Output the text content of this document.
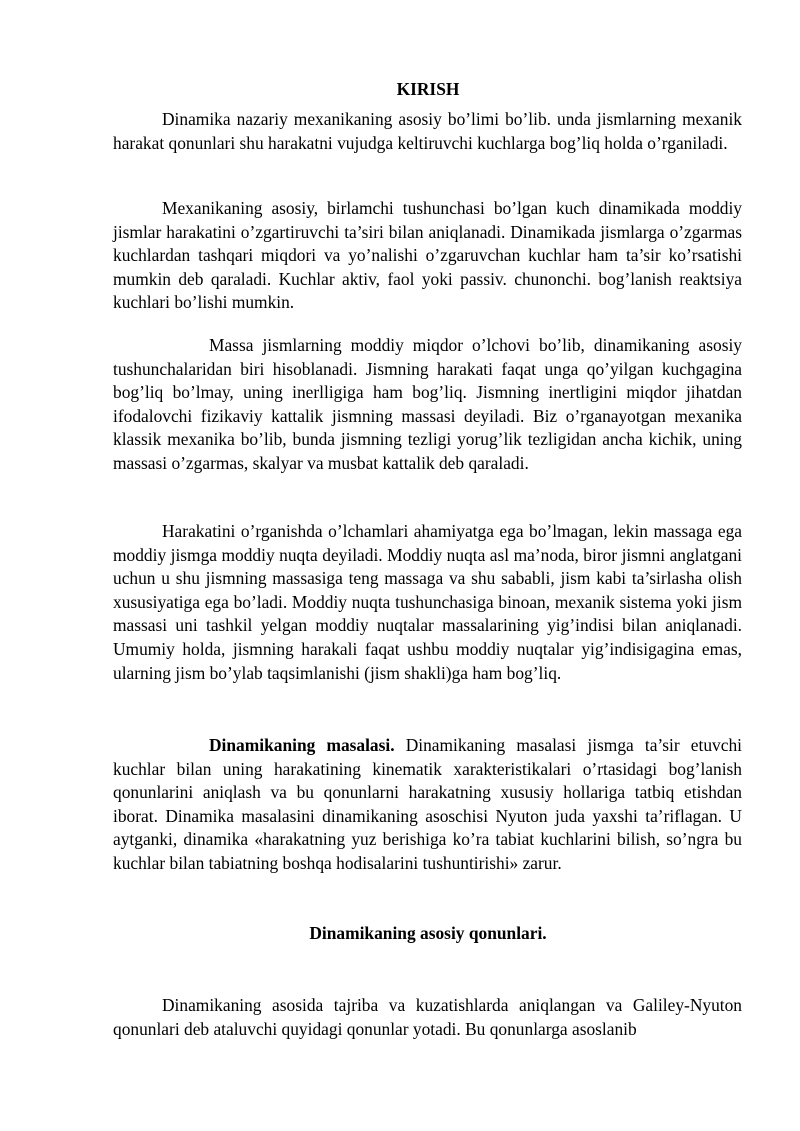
KIRISH

Dinamika nazariy mexanikaning asosiy bo’limi bo’lib. unda jismlarning mexanik harakat qonunlari shu harakatni vujudga keltiruvchi kuchlarga bog’liq holda o’rganiladi.

Mexanikaning asosiy, birlamchi tushunchasi bo’lgan kuch dinamikada moddiy jismlar harakatini o’zgartiruvchi ta’siri bilan aniqlanadi. Dinamikada jismlarga o’zgarmas kuchlardan tashqari miqdori va yo’nalishi o’zgaruvchan kuchlar ham ta’sir ko’rsatishi mumkin deb qaraladi. Kuchlar aktiv, faol yoki passiv. chunonchi. bog’lanish reaktsiya kuchlari bo’lishi mumkin.

Massa jismlarning moddiy miqdor o’lchovi bo’lib, dinamikaning asosiy tushunchalaridan biri hisoblanadi. Jismning harakati faqat unga qo’yilgan kuchgagina bog’liq bo’lmay, uning inerlligiga ham bog’liq. Jismning inertligini miqdor jihatdan ifodalovchi fizikaviy kattalik jismning massasi deyiladi. Biz o’rganayotgan mexanika klassik mexanika bo’lib, bunda jismning tezligi yorug’lik tezligidan ancha kichik, uning massasi o’zgarmas, skalyar va musbat kattalik deb qaraladi.

Harakatini o’rganishda o’lchamlari ahamiyatga ega bo’lmagan, lekin massaga ega moddiy jismga moddiy nuqta deyiladi. Moddiy nuqta asl ma’noda, biror jismni anglatgani uchun u shu jismning massasiga teng massaga va shu sababli, jism kabi ta’sirlasha olish xususiyatiga ega bo’ladi. Moddiy nuqta tushunchasiga binoan, mexanik sistema yoki jism massasi uni tashkil yelgan moddiy nuqtalar massalarining yig’indisi bilan aniqlanadi. Umumiy holda, jismning harakali faqat ushbu moddiy nuqtalar yig’indisigagina emas, ularning jism bo’ylab taqsimlanishi (jism shakli)ga ham bog’liq.

Dinamikaning masalasi. Dinamikaning masalasi jismga ta’sir etuvchi kuchlar bilan uning harakatining kinematik xarakteristikalari o’rtasidagi bog’lanish qonunlarini aniqlash va bu qonunlarni harakatning xususiy hollariga tatbiq etishdan iborat. Dinamika masalasini dinamikaning asoschisi Nyuton juda yaxshi ta’riflagan. U aytganki, dinamika «harakatning yuz berishiga ko’ra tabiat kuchlarini bilish, so’ngra bu kuchlar bilan tabiatning boshqa hodisalarini tushuntirishi» zarur.

Dinamikaning asosiy qonunlari.

Dinamikaning asosida tajriba va kuzatishlarda aniqlangan va Galiley-Nyuton qonunlari deb ataluvchi quyidagi qonunlar yotadi. Bu qonunlarga asoslanib
